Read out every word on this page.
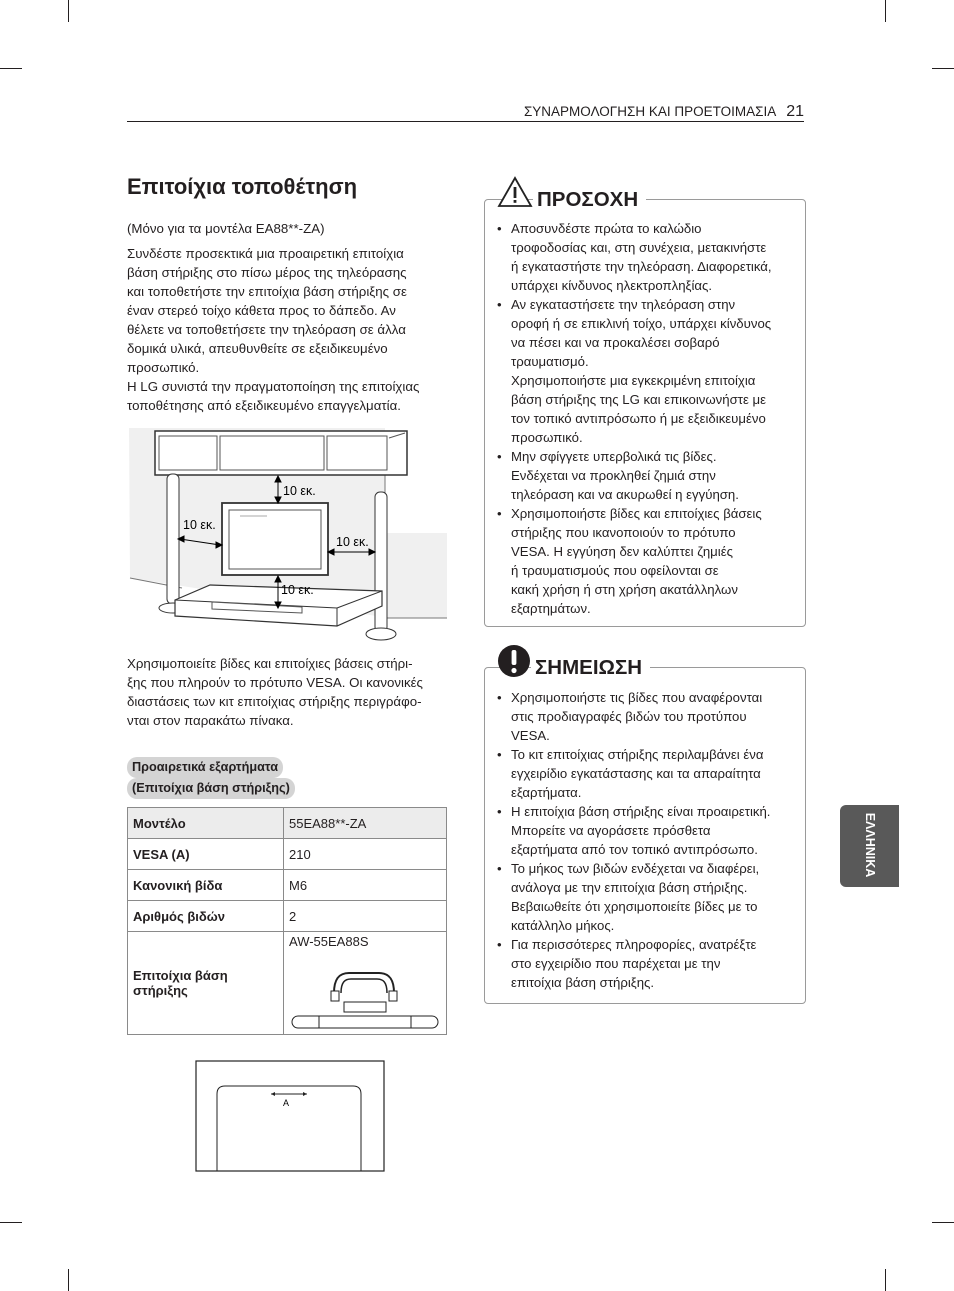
ΣΥΝΑΡΜΟΛΟΓΗΣΗ ΚΑΙ ΠΡΟΕΤΟΙΜΑΣΙΑ 21
Επιτοίχια τοποθέτηση

(Μόνο για τα μοντέλα EA88**-ZA)

Συνδέστε προσεκτικά μια προαιρετική επιτοίχια
βάση στήριξης στο πίσω μέρος της τηλεόρασης
και τοποθετήστε την επιτοίχια βάση στήριξης σε
έναν στερεό τοίχο κάθετα προς το δάπεδο. Αν
θέλετε να τοποθετήσετε την τηλεόραση σε άλλα
δομικά υλικά, απευθυνθείτε σε εξειδικευμένο
προσωπικό.
Η LG συνιστά την πραγματοποίηση της επιτοίχιας
τοποθέτησης από εξειδικευμένο επαγγελματία.

10 εκ.
10 εκ.
10 εκ.
10 εκ.

Χρησιμοποιείτε βίδες και επιτοίχιες βάσεις στήρι-
ξης που πληρούν το πρότυπο VESA. Οι κανονικές
διαστάσεις των κιτ επιτοίχιας στήριξης περιγράφο-
νται στον παρακάτω πίνακα.

Προαιρετικά εξαρτήματα
(Επιτοίχια βάση στήριξης)
Μοντέλο	55EA88**-ZA
VESA (A)	210
Κανονική βίδα	M6
Αριθμός βιδών	2

Επιτοίχια βάση
στήριξης	AW-55EA88S
A
ΠΡΟΣΟΧΗ
• Αποσυνδέστε πρώτα το καλώδιο
τροφοδοσίας και, στη συνέχεια, μετακινήστε
ή εγκαταστήστε την τηλεόραση. Διαφορετικά,
υπάρχει κίνδυνος ηλεκτροπληξίας.
• Αν εγκαταστήσετε την τηλεόραση στην
οροφή ή σε επικλινή τοίχο, υπάρχει κίνδυνος
να πέσει και να προκαλέσει σοβαρό
τραυματισμό.
Χρησιμοποιήστε μια εγκεκριμένη επιτοίχια
βάση στήριξης της LG και επικοινωνήστε με
τον τοπικό αντιπρόσωπο ή με εξειδικευμένο
προσωπικό.
• Μην σφίγγετε υπερβολικά τις βίδες.
Ενδέχεται να προκληθεί ζημιά στην
τηλεόραση και να ακυρωθεί η εγγύηση.
• Χρησιμοποιήστε βίδες και επιτοίχιες βάσεις
στήριξης που ικανοποιούν το πρότυπο
VESA. Η εγγύηση δεν καλύπτει ζημιές
ή τραυματισμούς που οφείλονται σε
κακή χρήση ή στη χρήση ακατάλληλων
εξαρτημάτων.
ΣΗΜΕΙΩΣΗ
• Χρησιμοποιήστε τις βίδες που αναφέρονται
στις προδιαγραφές βιδών του προτύπου
VESA.
• Το κιτ επιτοίχιας στήριξης περιλαμβάνει ένα
εγχειρίδιο εγκατάστασης και τα απαραίτητα
εξαρτήματα.
• Η επιτοίχια βάση στήριξης είναι προαιρετική.
Μπορείτε να αγοράσετε πρόσθετα
εξαρτήματα από τον τοπικό αντιπρόσωπο.
• Το μήκος των βιδών ενδέχεται να διαφέρει,
ανάλογα με την επιτοίχια βάση στήριξης.
Βεβαιωθείτε ότι χρησιμοποιείτε βίδες με το
κατάλληλο μήκος.
• Για περισσότερες πληροφορίες, ανατρέξτε
στο εγχειρίδιο που παρέχεται με την
επιτοίχια βάση στήριξης.
ΕΛΛΗΝΙΚΑ
